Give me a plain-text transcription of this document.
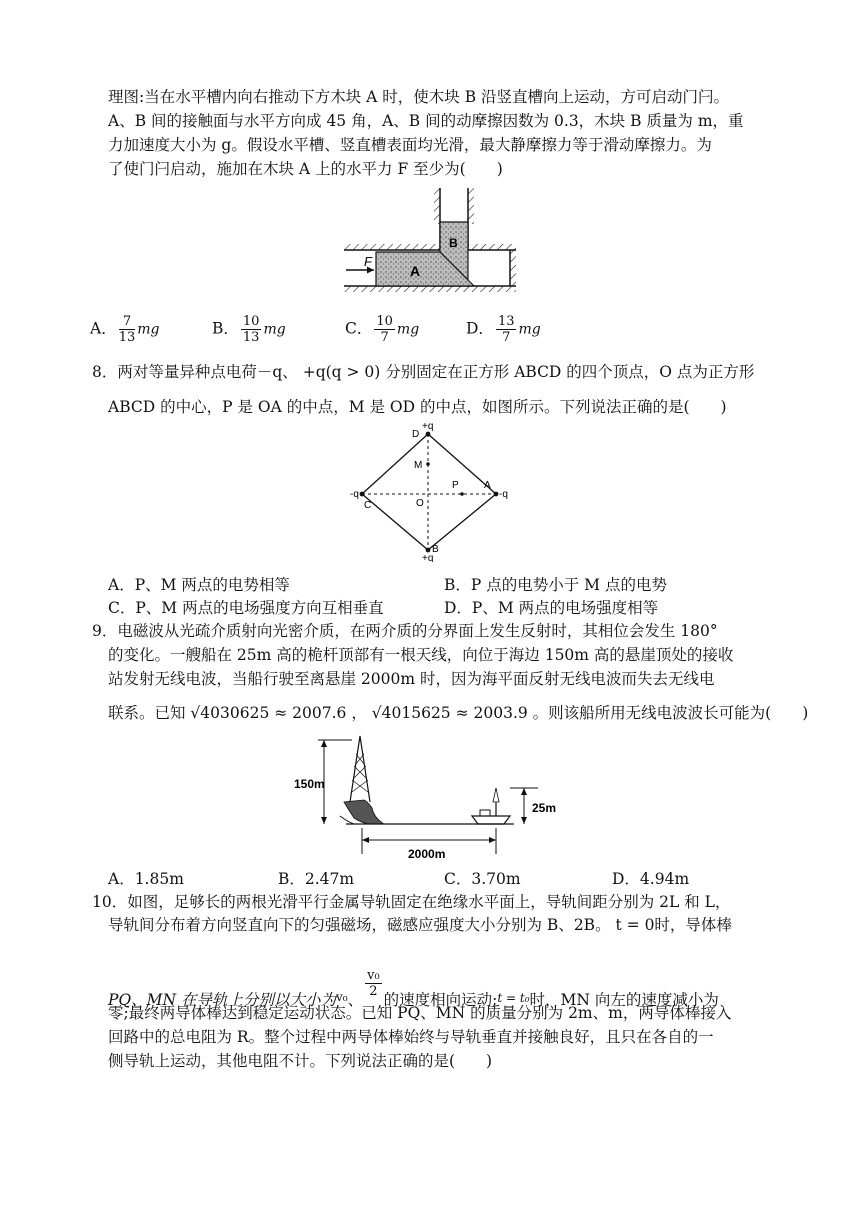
理图:当在水平槽内向右推动下方木块 A 时，使木块 B 沿竖直槽向上运动，方可启动门闩。
A、B 间的接触面与水平方向成 45 角，A、B 间的动摩擦因数为 0.3，木块 B 质量为 m，重
力加速度大小为 g。假设水平槽、竖直槽表面均光滑，最大静摩擦力等于滑动摩擦力。为
了使门闩启动，施加在木块 A 上的水平力 F 至少为(　　)
B
A
F
A． $\frac{7}{13}$ mg	B． $\frac{10}{13}$ mg	C． $\frac{10}{7}$ mg	D． $\frac{13}{7}$ mg
8．两对等量异种点电荷－q、 +q(q > 0) 分别固定在正方形 ABCD 的四个顶点，O 点为正方形
ABCD 的中心，P 是 OA 的中点，M 是 OD 的中点，如图所示。下列说法正确的是(　　)
D
+q
A
-q
B
+q
C
-q
O
P
M
A．P、M 两点的电势相等	B．P 点的电势小于 M 点的电势
C．P、M 两点的电场强度方向互相垂直	D．P、M 两点的电场强度相等
9．电磁波从光疏介质射向光密介质，在两介质的分界面上发生反射时，其相位会发生 180°
的变化。一艘船在 25m 高的桅杆顶部有一根天线，向位于海边 150m 高的悬崖顶处的接收
站发射无线电波，当船行驶至离悬崖 2000m 时，因为海平面反射无线电波而失去无线电
联系。已知 √4030625 ≈ 2007.6 ， √4015625 ≈ 2003.9 。则该船所用无线电波波长可能为(　　)
150m
25m
2000m
A．1.85m	B．2.47m	C．3.70m	D．4.94m
10．如图，足够长的两根光滑平行金属导轨固定在绝缘水平面上，导轨间距分别为 2L 和 L，
导轨间分布着方向竖直向下的匀强磁场，磁感应强度大小分别为 B、2B。 t = 0时，导体棒
PQ、MN 在导轨上分别以大小为$^{v_0}$、
$\frac{\text{v₀}}{2}$
的速度相向运动;t = t₀时，MN 向左的速度减小为
零;最终两导体棒达到稳定运动状态。已知 PQ、MN 的质量分别为 2m、m，两导体棒接入
回路中的总电阻为 R。整个过程中两导体棒始终与导轨垂直并接触良好，且只在各自的一
侧导轨上运动，其他电阻不计。下列说法正确的是(　　)
